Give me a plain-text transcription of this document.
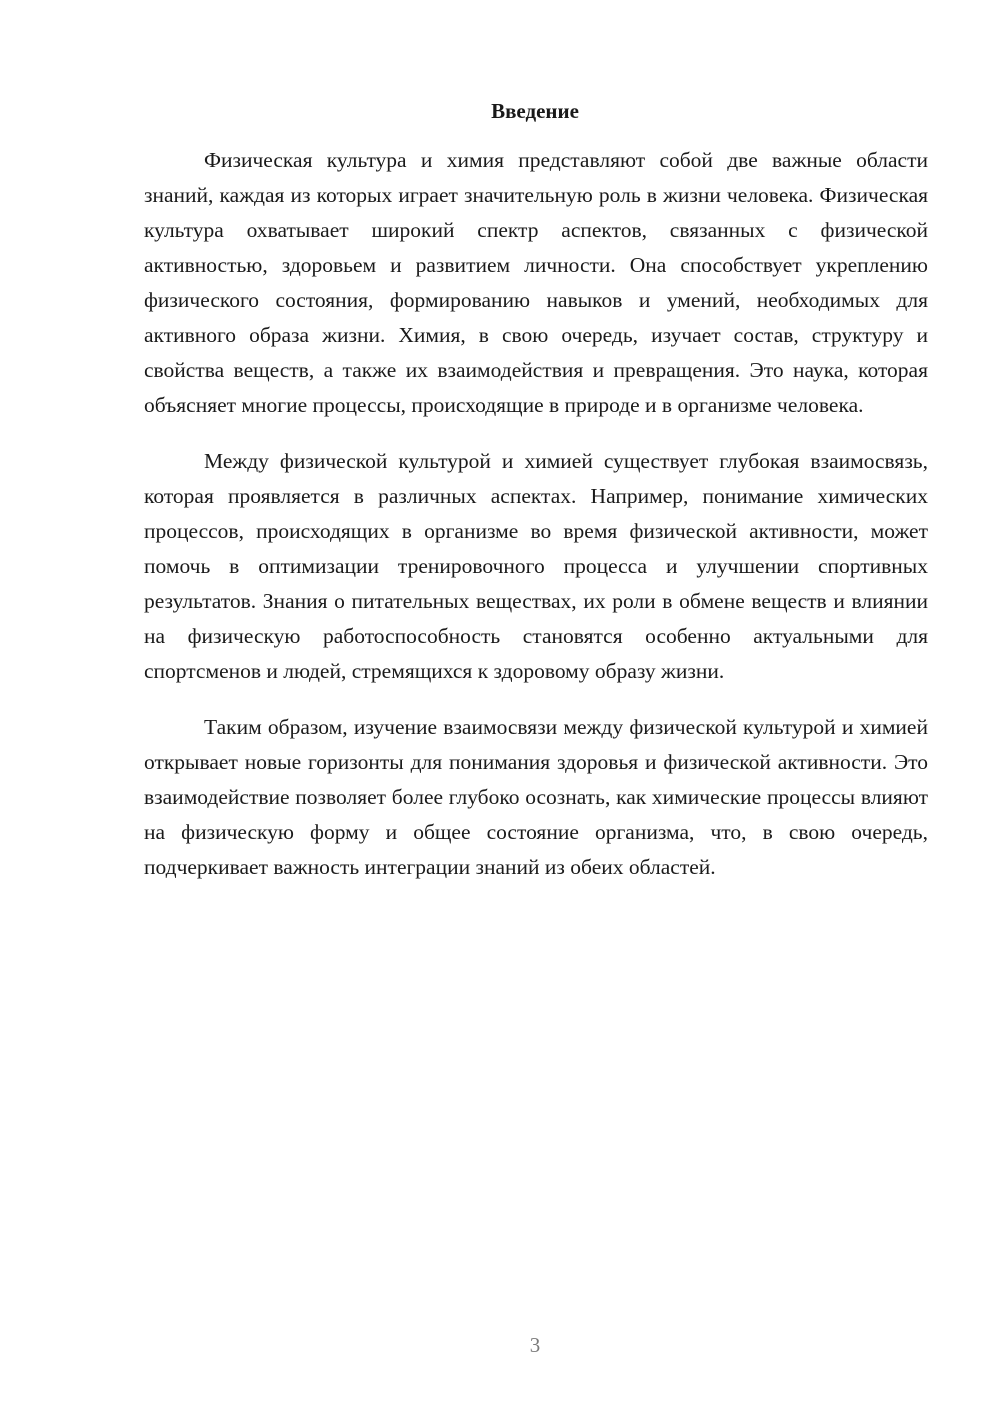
Введение

Физическая культура и химия представляют собой две важные области знаний, каждая из которых играет значительную роль в жизни человека. Физическая культура охватывает широкий спектр аспектов, связанных с физической активностью, здоровьем и развитием личности. Она способствует укреплению физического состояния, формированию навыков и умений, необходимых для активного образа жизни. Химия, в свою очередь, изучает состав, структуру и свойства веществ, а также их взаимодействия и превращения. Это наука, которая объясняет многие процессы, происходящие в природе и в организме человека.

Между физической культурой и химией существует глубокая взаимосвязь, которая проявляется в различных аспектах. Например, понимание химических процессов, происходящих в организме во время физической активности, может помочь в оптимизации тренировочного процесса и улучшении спортивных результатов. Знания о питательных веществах, их роли в обмене веществ и влиянии на физическую работоспособность становятся особенно актуальными для спортсменов и людей, стремящихся к здоровому образу жизни.

Таким образом, изучение взаимосвязи между физической культурой и химией открывает новые горизонты для понимания здоровья и физической активности. Это взаимодействие позволяет более глубоко осознать, как химические процессы влияют на физическую форму и общее состояние организма, что, в свою очередь, подчеркивает важность интеграции знаний из обеих областей.

3
